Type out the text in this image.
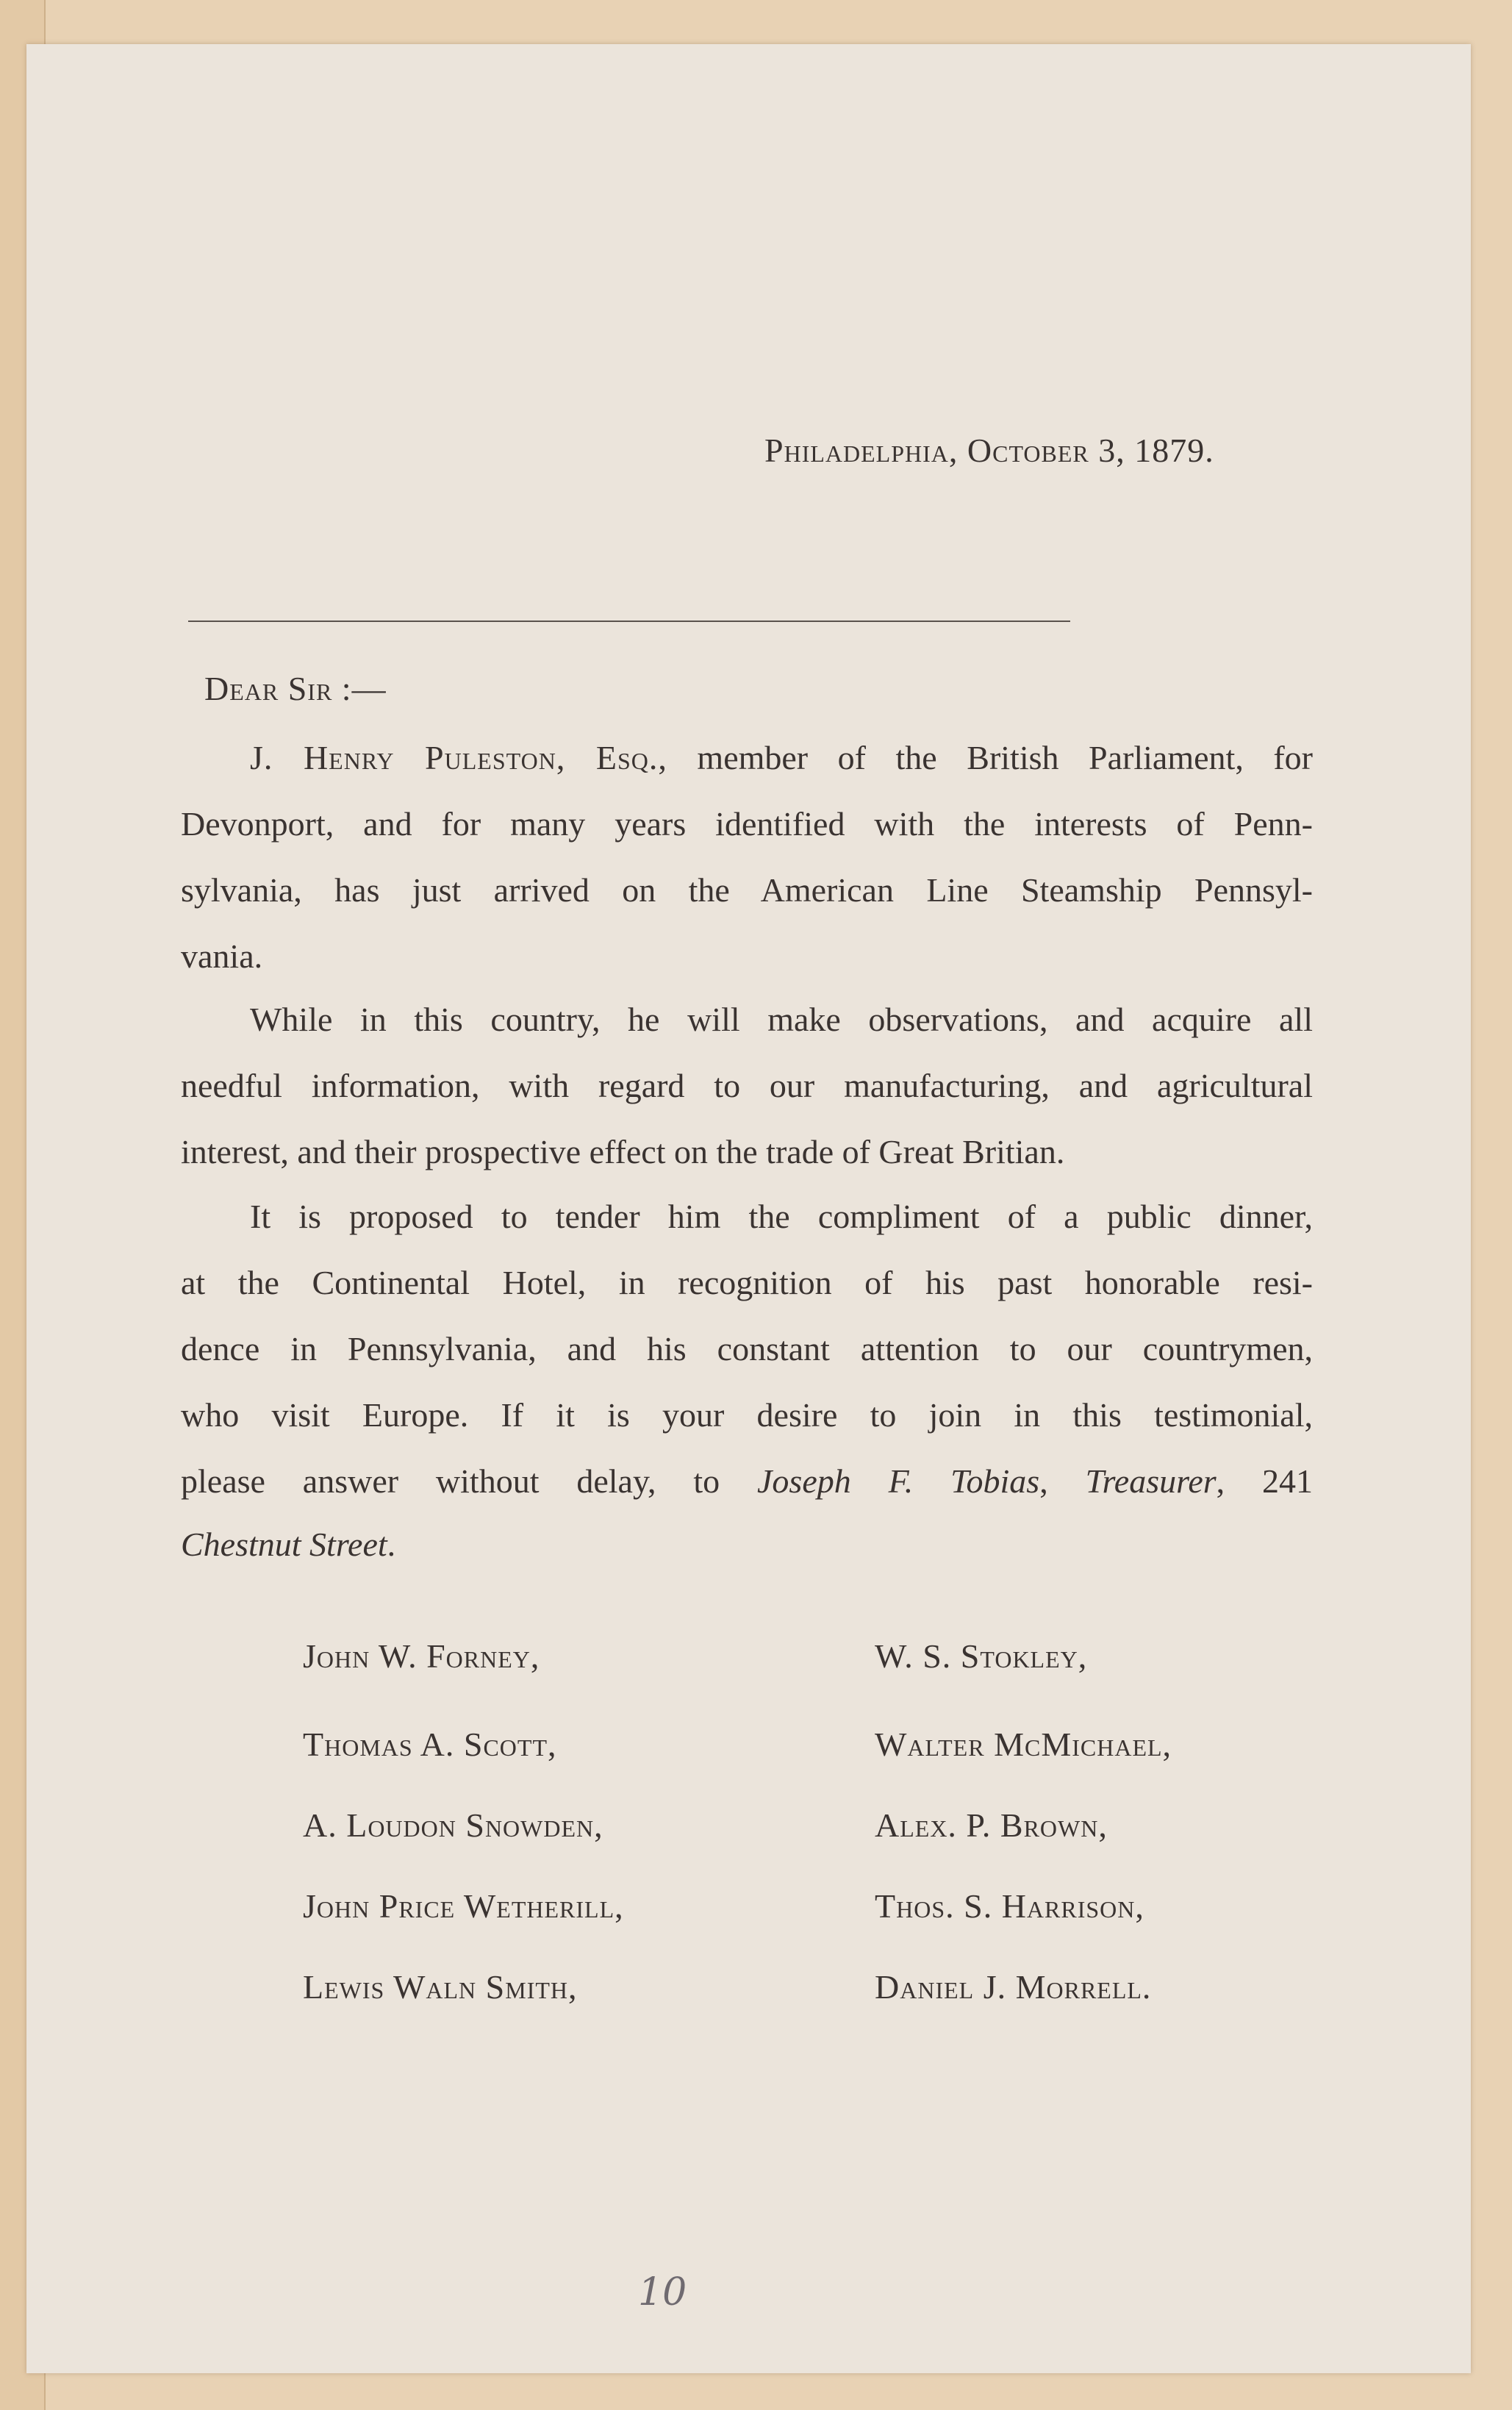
Philadelphia, October 3, 1879.
Dear Sir :—
J. Henry Puleston, Esq., member of the British Parliament, for
Devonport, and for many years identified with the interests of Penn-
sylvania, has just arrived on the American Line Steamship Pennsyl-
vania.
While in this country, he will make observations, and acquire all
needful information, with regard to our manufacturing, and agricultural
interest, and their prospective effect on the trade of Great Britian.
It is proposed to tender him the compliment of a public dinner,
at the Continental Hotel, in recognition of his past honorable resi-
dence in Pennsylvania, and his constant attention to our countrymen,
who visit Europe. If it is your desire to join in this testimonial,
please answer without delay, to Joseph F. Tobias, Treasurer, 241
Chestnut Street.
John W. Forney,
Thomas A. Scott,
A. Loudon Snowden,
John Price Wetherill,
Lewis Waln Smith,
W. S. Stokley,
Walter McMichael,
Alex. P. Brown,
Thos. S. Harrison,
Daniel J. Morrell.
10
